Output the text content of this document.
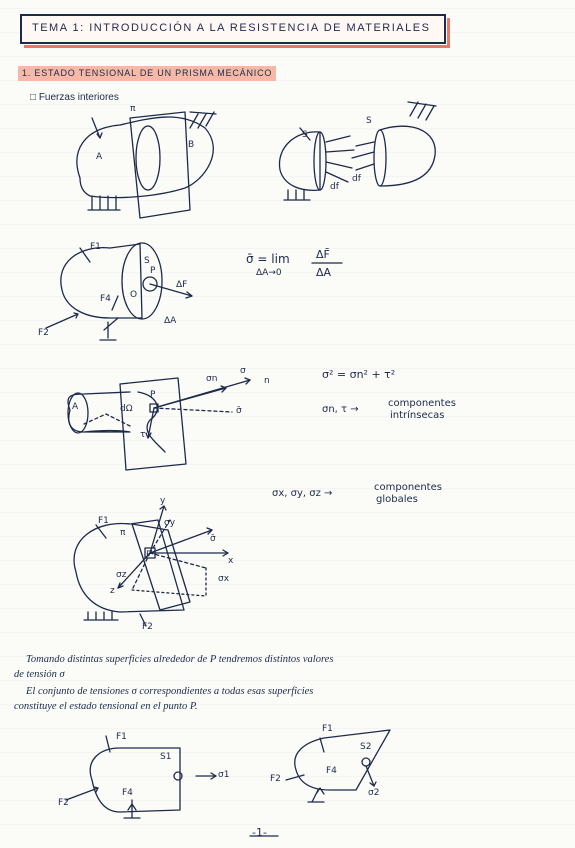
TEMA 1: INTRODUCCIÓN A LA RESISTENCIA DE MATERIALES
1. ESTADO TENSIONAL DE UN PRISMA MECÁNICO
□ Fuerzas interiores
A
B
π
S
S
df
df
F1
F2
F4
S
P
O
ΔF
ΔA
σ̄ = lim ΔF̄
ΔA
ΔA→0
A	dΩ
P
τ
σn
σ
n
σ̄
σ² = σn² + τ²
σn, τ →
componentes
intrínsecas
F1
F2
π
P
x
y
z
σx
σy
σz
σ̄
σx, σy, σz →
componentes
globales
Tomando distintas superficies alrededor de P tendremos distintos valores
de tensión σ
El conjunto de tensiones σ correspondientes a todas esas superficies
constituye el estado tensional en el punto P.
F1
F2
F4
S1
σ1
F1
F2
F4
S2
σ2
-1-
